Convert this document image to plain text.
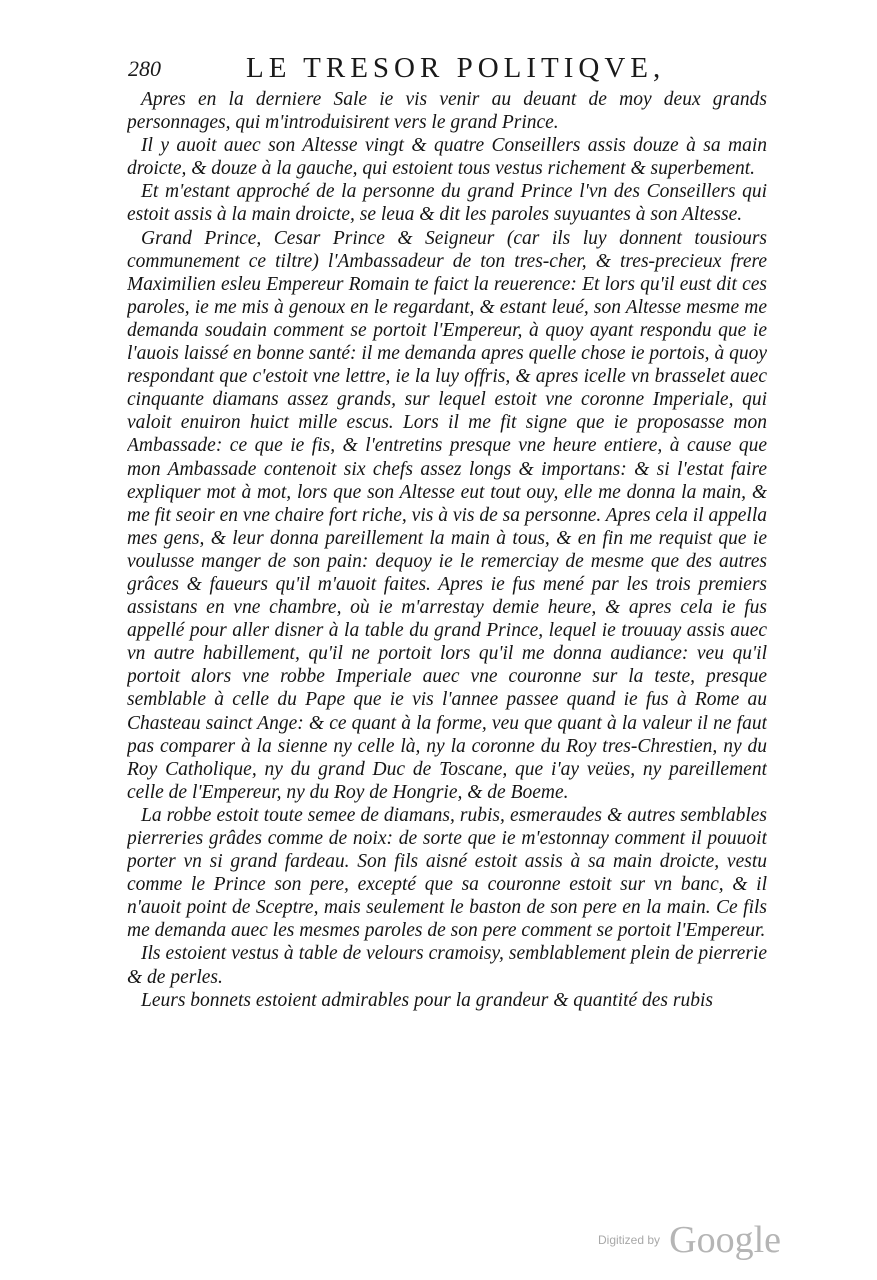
280	LE TRESOR POLITIQVE,

Apres en la derniere Sale ie vis venir au deuant de moy deux grands personnages, qui m'introduisirent vers le grand Prince.

Il y auoit auec son Altesse vingt & quatre Conseillers assis douze à sa main droicte, & douze à la gauche, qui estoient tous vestus richement & superbement.

Et m'estant approché de la personne du grand Prince l'vn des Conseillers qui estoit assis à la main droicte, se leua & dit les paroles suyuantes à son Altesse.

Grand Prince, Cesar Prince & Seigneur (car ils luy donnent tousiours communement ce tiltre) l'Ambassadeur de ton tres-cher, & tres-precieux frere Maximilien esleu Empereur Romain te faict la reuerence: Et lors qu'il eust dit ces paroles, ie me mis à genoux en le regardant, & estant leué, son Altesse mesme me demanda soudain comment se portoit l'Empereur, à quoy ayant respondu que ie l'auois laissé en bonne santé: il me demanda apres quelle chose ie portois, à quoy respondant que c'estoit vne lettre, ie la luy offris, & apres icelle vn brasselet auec cinquante diamans assez grands, sur lequel estoit vne coronne Imperiale, qui valoit enuiron huict mille escus. Lors il me fit signe que ie proposasse mon Ambassade: ce que ie fis, & l'entretins presque vne heure entiere, à cause que mon Ambassade contenoit six chefs assez longs & importans: & si l'estat faire expliquer mot à mot, lors que son Altesse eut tout ouy, elle me donna la main, & me fit seoir en vne chaire fort riche, vis à vis de sa personne. Apres cela il appella mes gens, & leur donna pareillement la main à tous, & en fin me requist que ie voulusse manger de son pain: dequoy ie le remerciay de mesme que des autres grâces & faueurs qu'il m'auoit faites. Apres ie fus mené par les trois premiers assistans en vne chambre, où ie m'arrestay demie heure, & apres cela ie fus appellé pour aller disner à la table du grand Prince, lequel ie trouuay assis auec vn autre habillement, qu'il ne portoit lors qu'il me donna audiance: veu qu'il portoit alors vne robbe Imperiale auec vne couronne sur la teste, presque semblable à celle du Pape que ie vis l'annee passee quand ie fus à Rome au Chasteau sainct Ange: & ce quant à la forme, veu que quant à la valeur il ne faut pas comparer à la sienne ny celle là, ny la coronne du Roy tres-Chrestien, ny du Roy Catholique, ny du grand Duc de Toscane, que i'ay veües, ny pareillement celle de l'Empereur, ny du Roy de Hongrie, & de Boeme.

La robbe estoit toute semee de diamans, rubis, esmeraudes & autres semblables pierreries grâdes comme de noix: de sorte que ie m'estonnay comment il pouuoit porter vn si grand fardeau. Son fils aisné estoit assis à sa main droicte, vestu comme le Prince son pere, excepté que sa couronne estoit sur vn banc, & il n'auoit point de Sceptre, mais seulement le baston de son pere en la main. Ce fils me demanda auec les mesmes paroles de son pere comment se portoit l'Empereur.

Ils estoient vestus à table de velours cramoisy, semblablement plein de pierrerie & de perles.

Leurs bonnets estoient admirables pour la grandeur & quantité des rubis

Digitized by Google
